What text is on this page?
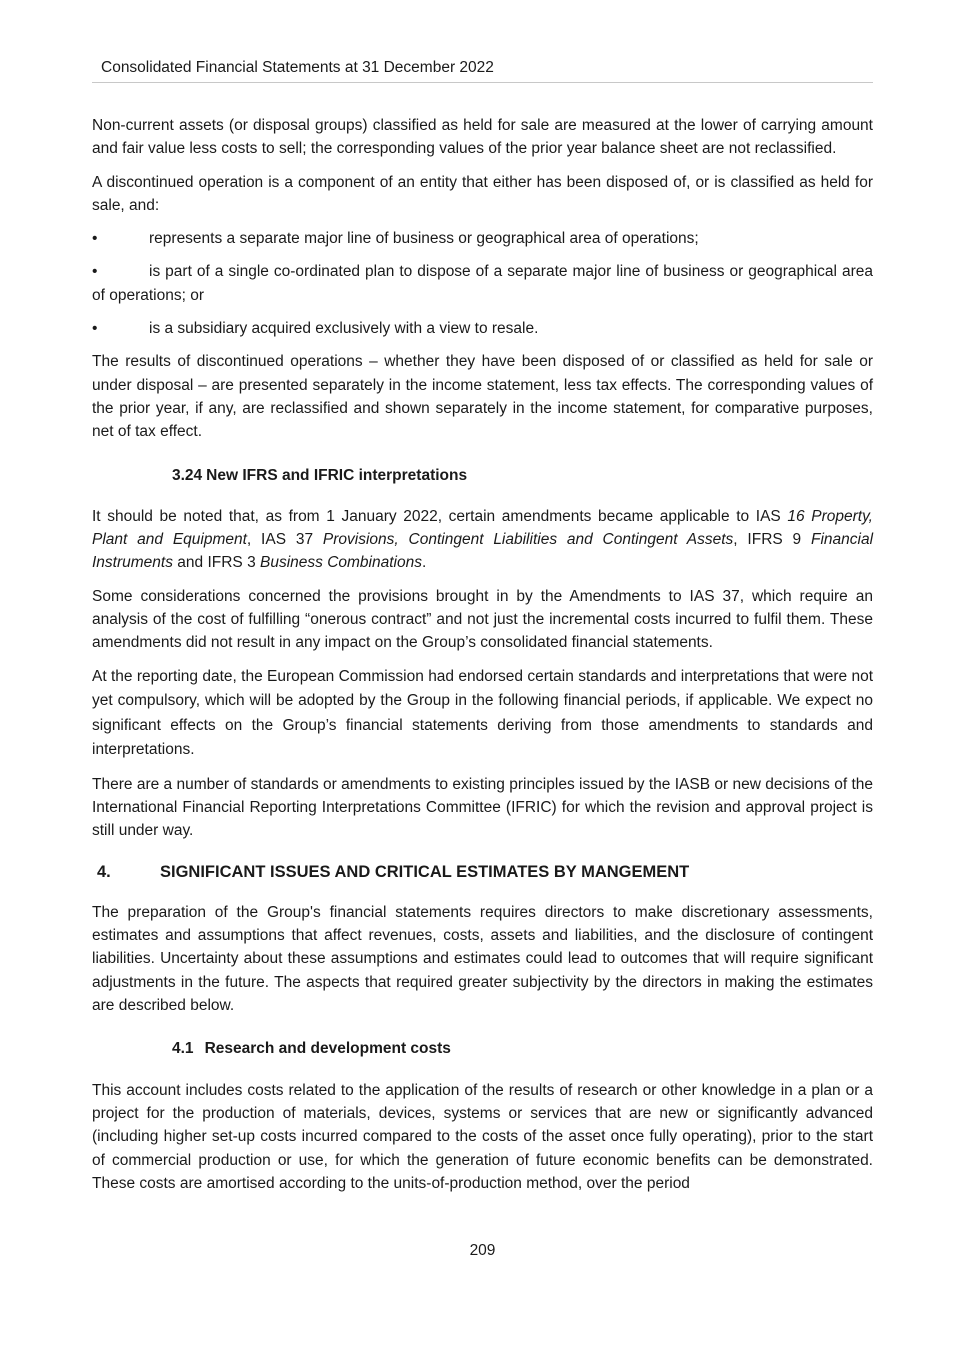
Consolidated Financial Statements at 31 December 2022

Non-current assets (or disposal groups) classified as held for sale are measured at the lower of carrying amount and fair value less costs to sell; the corresponding values of the prior year balance sheet are not reclassified.

A discontinued operation is a component of an entity that either has been disposed of, or is classified as held for sale, and:

•	represents a separate major line of business or geographical area of operations;
•	is part of a single co-ordinated plan to dispose of a separate major line of business or geographical area of operations; or
•	is a subsidiary acquired exclusively with a view to resale.

The results of discontinued operations – whether they have been disposed of or classified as held for sale or under disposal – are presented separately in the income statement, less tax effects. The corresponding values of the prior year, if any, are reclassified and shown separately in the income statement, for comparative purposes, net of tax effect.

3.24 New IFRS and IFRIC interpretations

It should be noted that, as from 1 January 2022, certain amendments became applicable to IAS 16 Property, Plant and Equipment, IAS 37 Provisions, Contingent Liabilities and Contingent Assets, IFRS 9 Financial Instruments and IFRS 3 Business Combinations.

Some considerations concerned the provisions brought in by the Amendments to IAS 37, which require an analysis of the cost of fulfilling “onerous contract” and not just the incremental costs incurred to fulfil them. These amendments did not result in any impact on the Group’s consolidated financial statements.

At the reporting date, the European Commission had endorsed certain standards and interpretations that were not yet compulsory, which will be adopted by the Group in the following financial periods, if applicable. We expect no significant effects on the Group’s financial statements deriving from those amendments to standards and interpretations.

There are a number of standards or amendments to existing principles issued by the IASB or new decisions of the International Financial Reporting Interpretations Committee (IFRIC) for which the revision and approval project is still under way.

4.	SIGNIFICANT ISSUES AND CRITICAL ESTIMATES BY MANGEMENT

The preparation of the Group's financial statements requires directors to make discretionary assessments, estimates and assumptions that affect revenues, costs, assets and liabilities, and the disclosure of contingent liabilities. Uncertainty about these assumptions and estimates could lead to outcomes that will require significant adjustments in the future. The aspects that required greater subjectivity by the directors in making the estimates are described below.

4.1 Research and development costs

This account includes costs related to the application of the results of research or other knowledge in a plan or a project for the production of materials, devices, systems or services that are new or significantly advanced (including higher set-up costs incurred compared to the costs of the asset once fully operating), prior to the start of commercial production or use, for which the generation of future economic benefits can be demonstrated. These costs are amortised according to the units-of-production method, over the period

209
